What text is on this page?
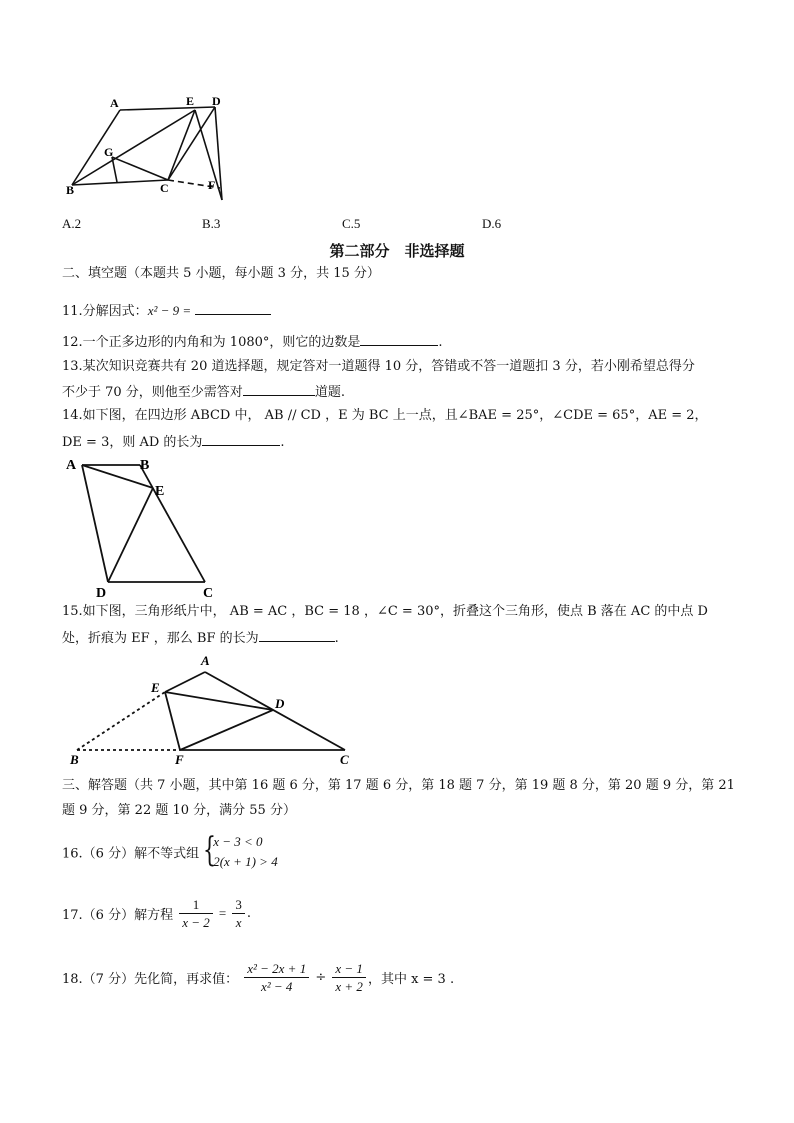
A	E D
G
B	C	F
A.2	B.3	C.5	D.6
第二部分　非选择题
二、填空题（本题共 5 小题，每小题 3 分，共 15 分）
11.分解因式：x² − 9 =
12.一个正多边形的内角和为 1080°，则它的边数是	.
13.某次知识竞赛共有 20 道选择题，规定答对一道题得 10 分，答错或不答一道题扣 3 分，若小刚希望总得分
不少于 70 分，则他至少需答对	道题.
14.如下图，在四边形 ABCD 中， AB // CD ，E 为 BC 上一点，且∠BAE = 25°，∠CDE = 65°，AE = 2，
DE = 3，则 AD 的长为	.
A	B
E
D	C
15.如下图，三角形纸片中， AB = AC ，BC = 18 ，∠C = 30°，折叠这个三角形，使点 B 落在 AC 的中点 D
处，折痕为 EF ，那么 BF 的长为	.
A
E
D
B	F	C
三、解答题（共 7 小题，其中第 16 题 6 分，第 17 题 6 分，第 18 题 7 分，第 19 题 8 分，第 20 题 9 分，第 21
题 9 分，第 22 题 10 分，满分 55 分）
16.（6 分）解不等式组 {
x − 3 < 0
2(x + 1) > 4
17.（6 分）解方程 $\frac{1}{x - 2} = \frac{3}{x}$ .
18.（7 分）先化简，再求值： $\frac{\text{x² − 2x + 1}}{\text{x² − 4}} \div \frac{x - 1}{x + 2}$ ，其中 x = 3 .
